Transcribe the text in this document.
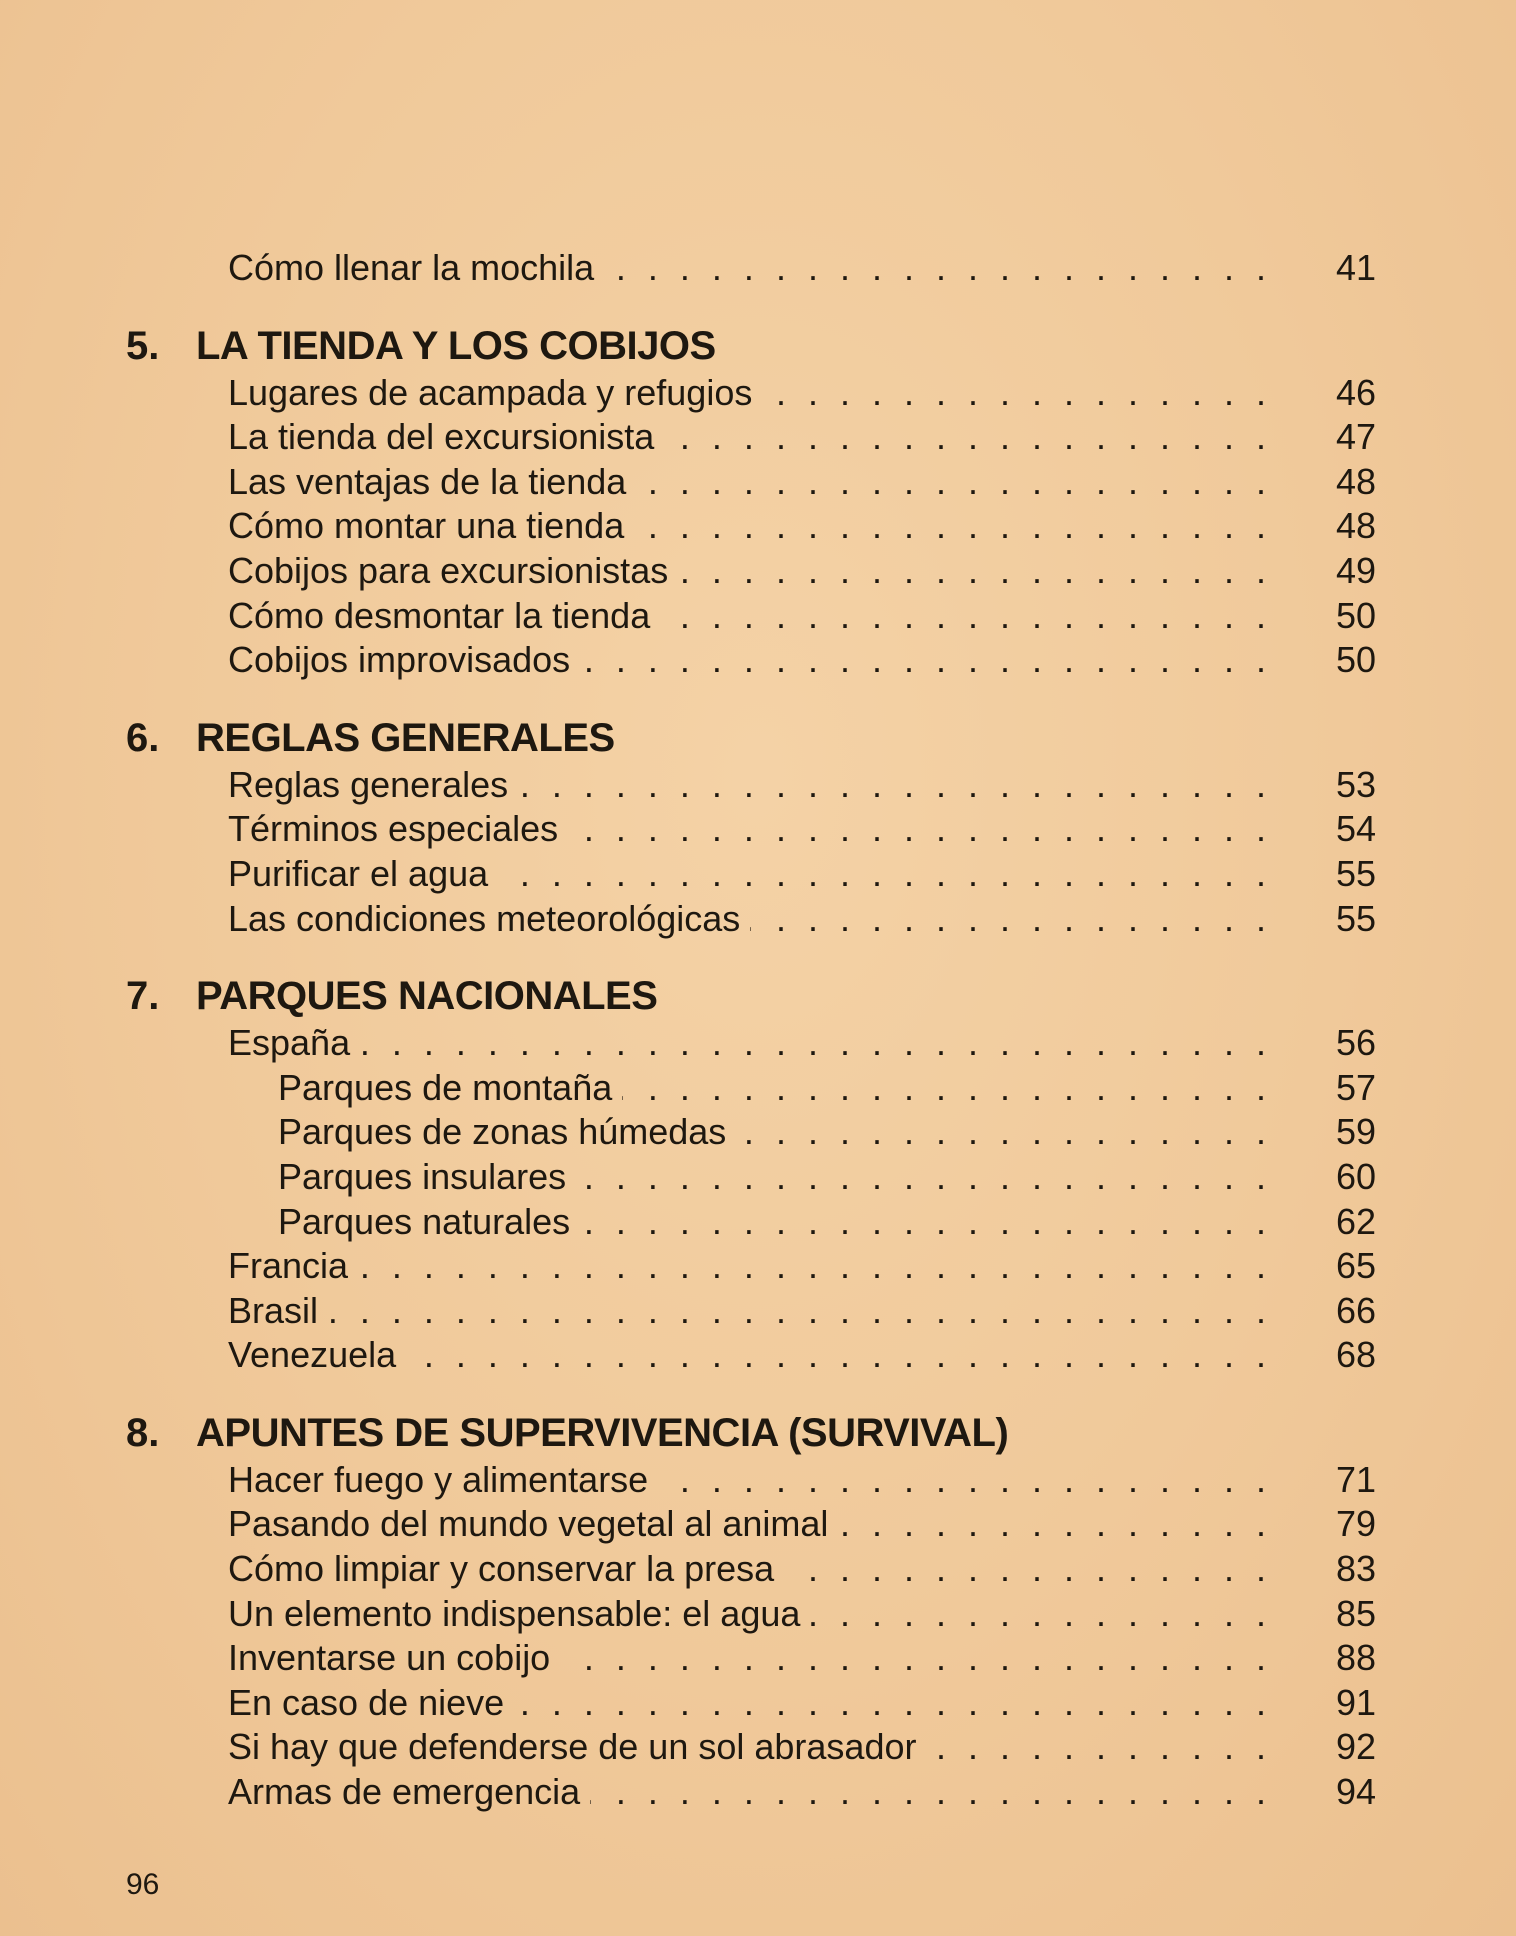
. . .
Cómo llenar la mochila	41
5. LA TIENDA Y LOS COBIJOS
. . .
Lugares de acampada y refugios	46
. . .
La tienda del excursionista	47
. . .
Las ventajas de la tienda	48
. . .
Cómo montar una tienda	48
. . .
Cobijos para excursionistas	49
. . .
Cómo desmontar la tienda	50
. . .
Cobijos improvisados	50
6. REGLAS GENERALES
. . .
Reglas generales	53
. . .
Términos especiales	54
. . .
Purificar el agua	55
. . .
Las condiciones meteorológicas	55
7. PARQUES NACIONALES
. . .
España	56
. . .
Parques de montaña	57
. . .
Parques de zonas húmedas	59
. . .
Parques insulares	60
. . .
Parques naturales	62
. . .
Francia	65
. . .
Brasil	66
. . .
Venezuela	68
8. APUNTES DE SUPERVIVENCIA (SURVIVAL)
. . .
Hacer fuego y alimentarse	71
. . .
Pasando del mundo vegetal al animal	79
. . .
Cómo limpiar y conservar la presa	83
. . .
Un elemento indispensable: el agua	85
. . .
Inventarse un cobijo	88
. . .
En caso de nieve	91
. . .
Si hay que defenderse de un sol abrasador	92
. . .
Armas de emergencia	94
96
